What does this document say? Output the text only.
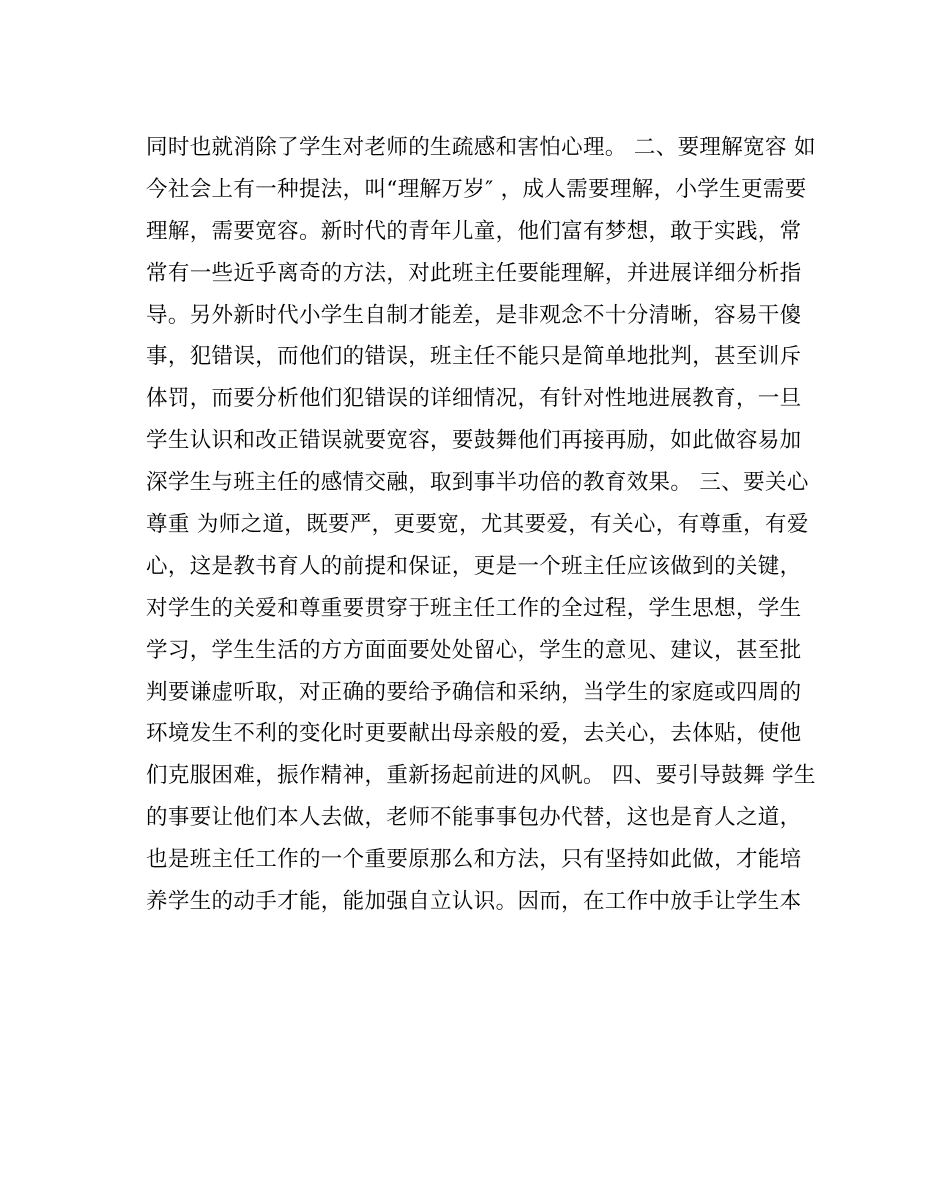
同时也就消除了学生对老师的生疏感和害怕心理。 二、要理解宽容 如
今社会上有一种提法，叫“理解万岁″ ，成人需要理解，小学生更需要
理解，需要宽容。新时代的青年儿童，他们富有梦想，敢于实践，常
常有一些近乎离奇的方法，对此班主任要能理解，并进展详细分析指
导。另外新时代小学生自制才能差，是非观念不十分清晰，容易干傻
事，犯错误，而他们的错误，班主任不能只是简单地批判，甚至训斥
体罚，而要分析他们犯错误的详细情况，有针对性地进展教育，一旦
学生认识和改正错误就要宽容，要鼓舞他们再接再励，如此做容易加
深学生与班主任的感情交融，取到事半功倍的教育效果。 三、要关心
尊重 为师之道，既要严，更要宽，尤其要爱，有关心，有尊重，有爱
心，这是教书育人的前提和保证，更是一个班主任应该做到的关键，
对学生的关爱和尊重要贯穿于班主任工作的全过程，学生思想，学生
学习，学生生活的方方面面要处处留心，学生的意见、建议，甚至批
判要谦虚听取，对正确的要给予确信和采纳，当学生的家庭或四周的
环境发生不利的变化时更要献出母亲般的爱，去关心，去体贴，使他
们克服困难，振作精神，重新扬起前进的风帆。 四、要引导鼓舞 学生
的事要让他们本人去做，老师不能事事包办代替，这也是育人之道，
也是班主任工作的一个重要原那么和方法，只有坚持如此做，才能培
养学生的动手才能，能加强自立认识。因而，在工作中放手让学生本
